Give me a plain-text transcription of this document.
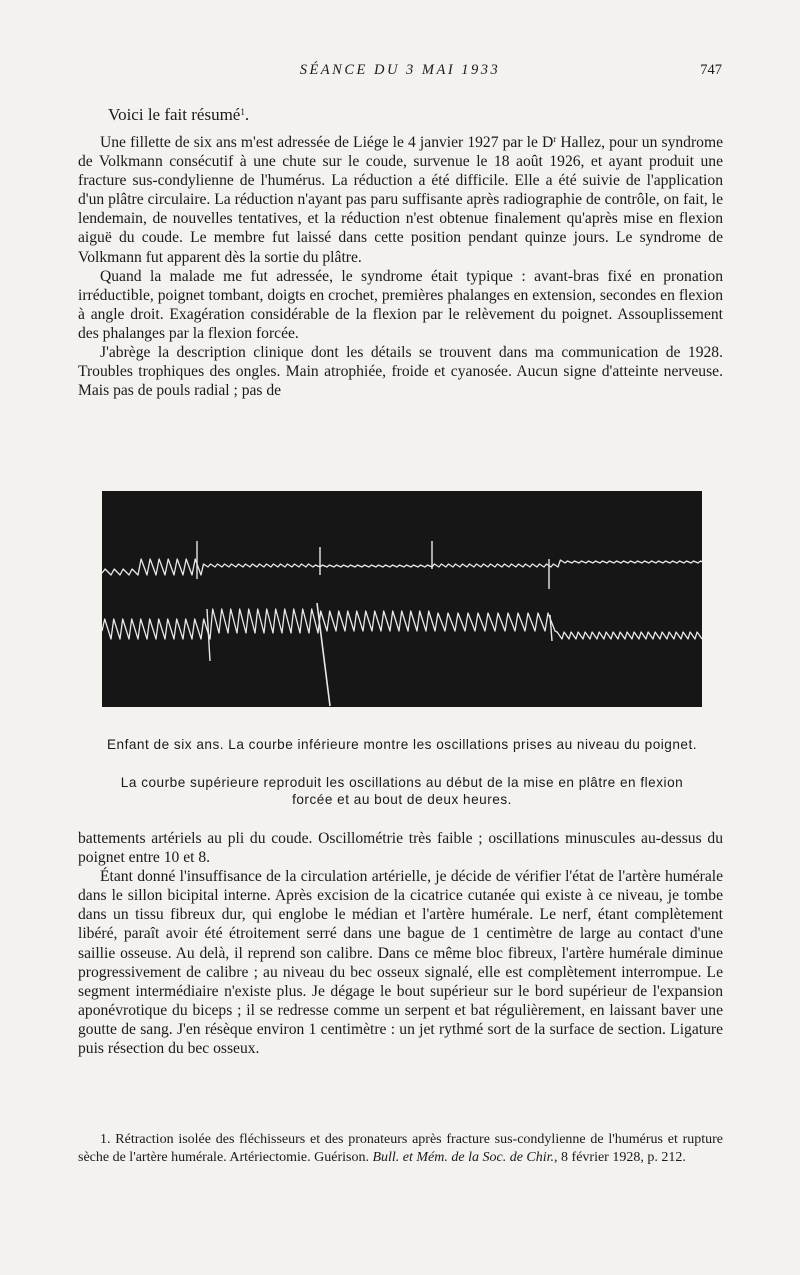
SÉANCE DU 3 MAI 1933	747

Voici le fait résumé$^1$.

Une fillette de six ans m'est adressée de Liége le 4 janvier 1927 par le $D^r$ Hallez, pour un syndrome de Volkmann consécutif à une chute sur le coude, survenue le 18 août 1926, et ayant produit une fracture sus-condylienne de l'humérus. La réduction a été difficile. Elle a été suivie de l'application d'un plâtre circulaire. La réduction n'ayant pas paru suffisante après radiographie de contrôle, on fait, le lendemain, de nouvelles tentatives, et la réduction n'est obtenue finalement qu'après mise en flexion aiguë du coude. Le membre fut laissé dans cette position pendant quinze jours. Le syndrome de Volkmann fut apparent dès la sortie du plâtre.

Quand la malade me fut adressée, le syndrome était typique : avant-bras fixé en pronation irréductible, poignet tombant, doigts en crochet, premières phalanges en extension, secondes en flexion à angle droit. Exagération considérable de la flexion par le relèvement du poignet. Assouplissement des phalanges par la flexion forcée.

J'abrège la description clinique dont les détails se trouvent dans ma communication de 1928. Troubles trophiques des ongles. Main atrophiée, froide et cyanosée. Aucun signe d'atteinte nerveuse. Mais pas de pouls radial ; pas de

Enfant de six ans. La courbe inférieure montre les oscillations prises au niveau du poignet.
La courbe supérieure reproduit les oscillations au début de la mise en plâtre en flexion forcée et au bout de deux heures.

battements artériels au pli du coude. Oscillométrie très faible ; oscillations minuscules au-dessus du poignet entre 10 et 8.

Étant donné l'insuffisance de la circulation artérielle, je décide de vérifier l'état de l'artère humérale dans le sillon bicipital interne. Après excision de la cicatrice cutanée qui existe à ce niveau, je tombe dans un tissu fibreux dur, qui englobe le médian et l'artère humérale. Le nerf, étant complètement libéré, paraît avoir été étroitement serré dans une bague de 1 centimètre de large au contact d'une saillie osseuse. Au delà, il reprend son calibre. Dans ce même bloc fibreux, l'artère humérale diminue progressivement de calibre ; au niveau du bec osseux signalé, elle est complètement interrompue. Le segment intermédiaire n'existe plus. Je dégage le bout supérieur sur le bord supérieur de l'expansion aponévrotique du biceps ; il se redresse comme un serpent et bat régulièrement, en laissant baver une goutte de sang. J'en résèque environ 1 centimètre : un jet rythmé sort de la surface de section. Ligature puis résection du bec osseux.

1. Rétraction isolée des fléchisseurs et des pronateurs après fracture sus-condylienne de l'humérus et rupture sèche de l'artère humérale. Artériectomie. Guérison. Bull. et Mém. de la Soc. de Chir., 8 février 1928, p. 212.
